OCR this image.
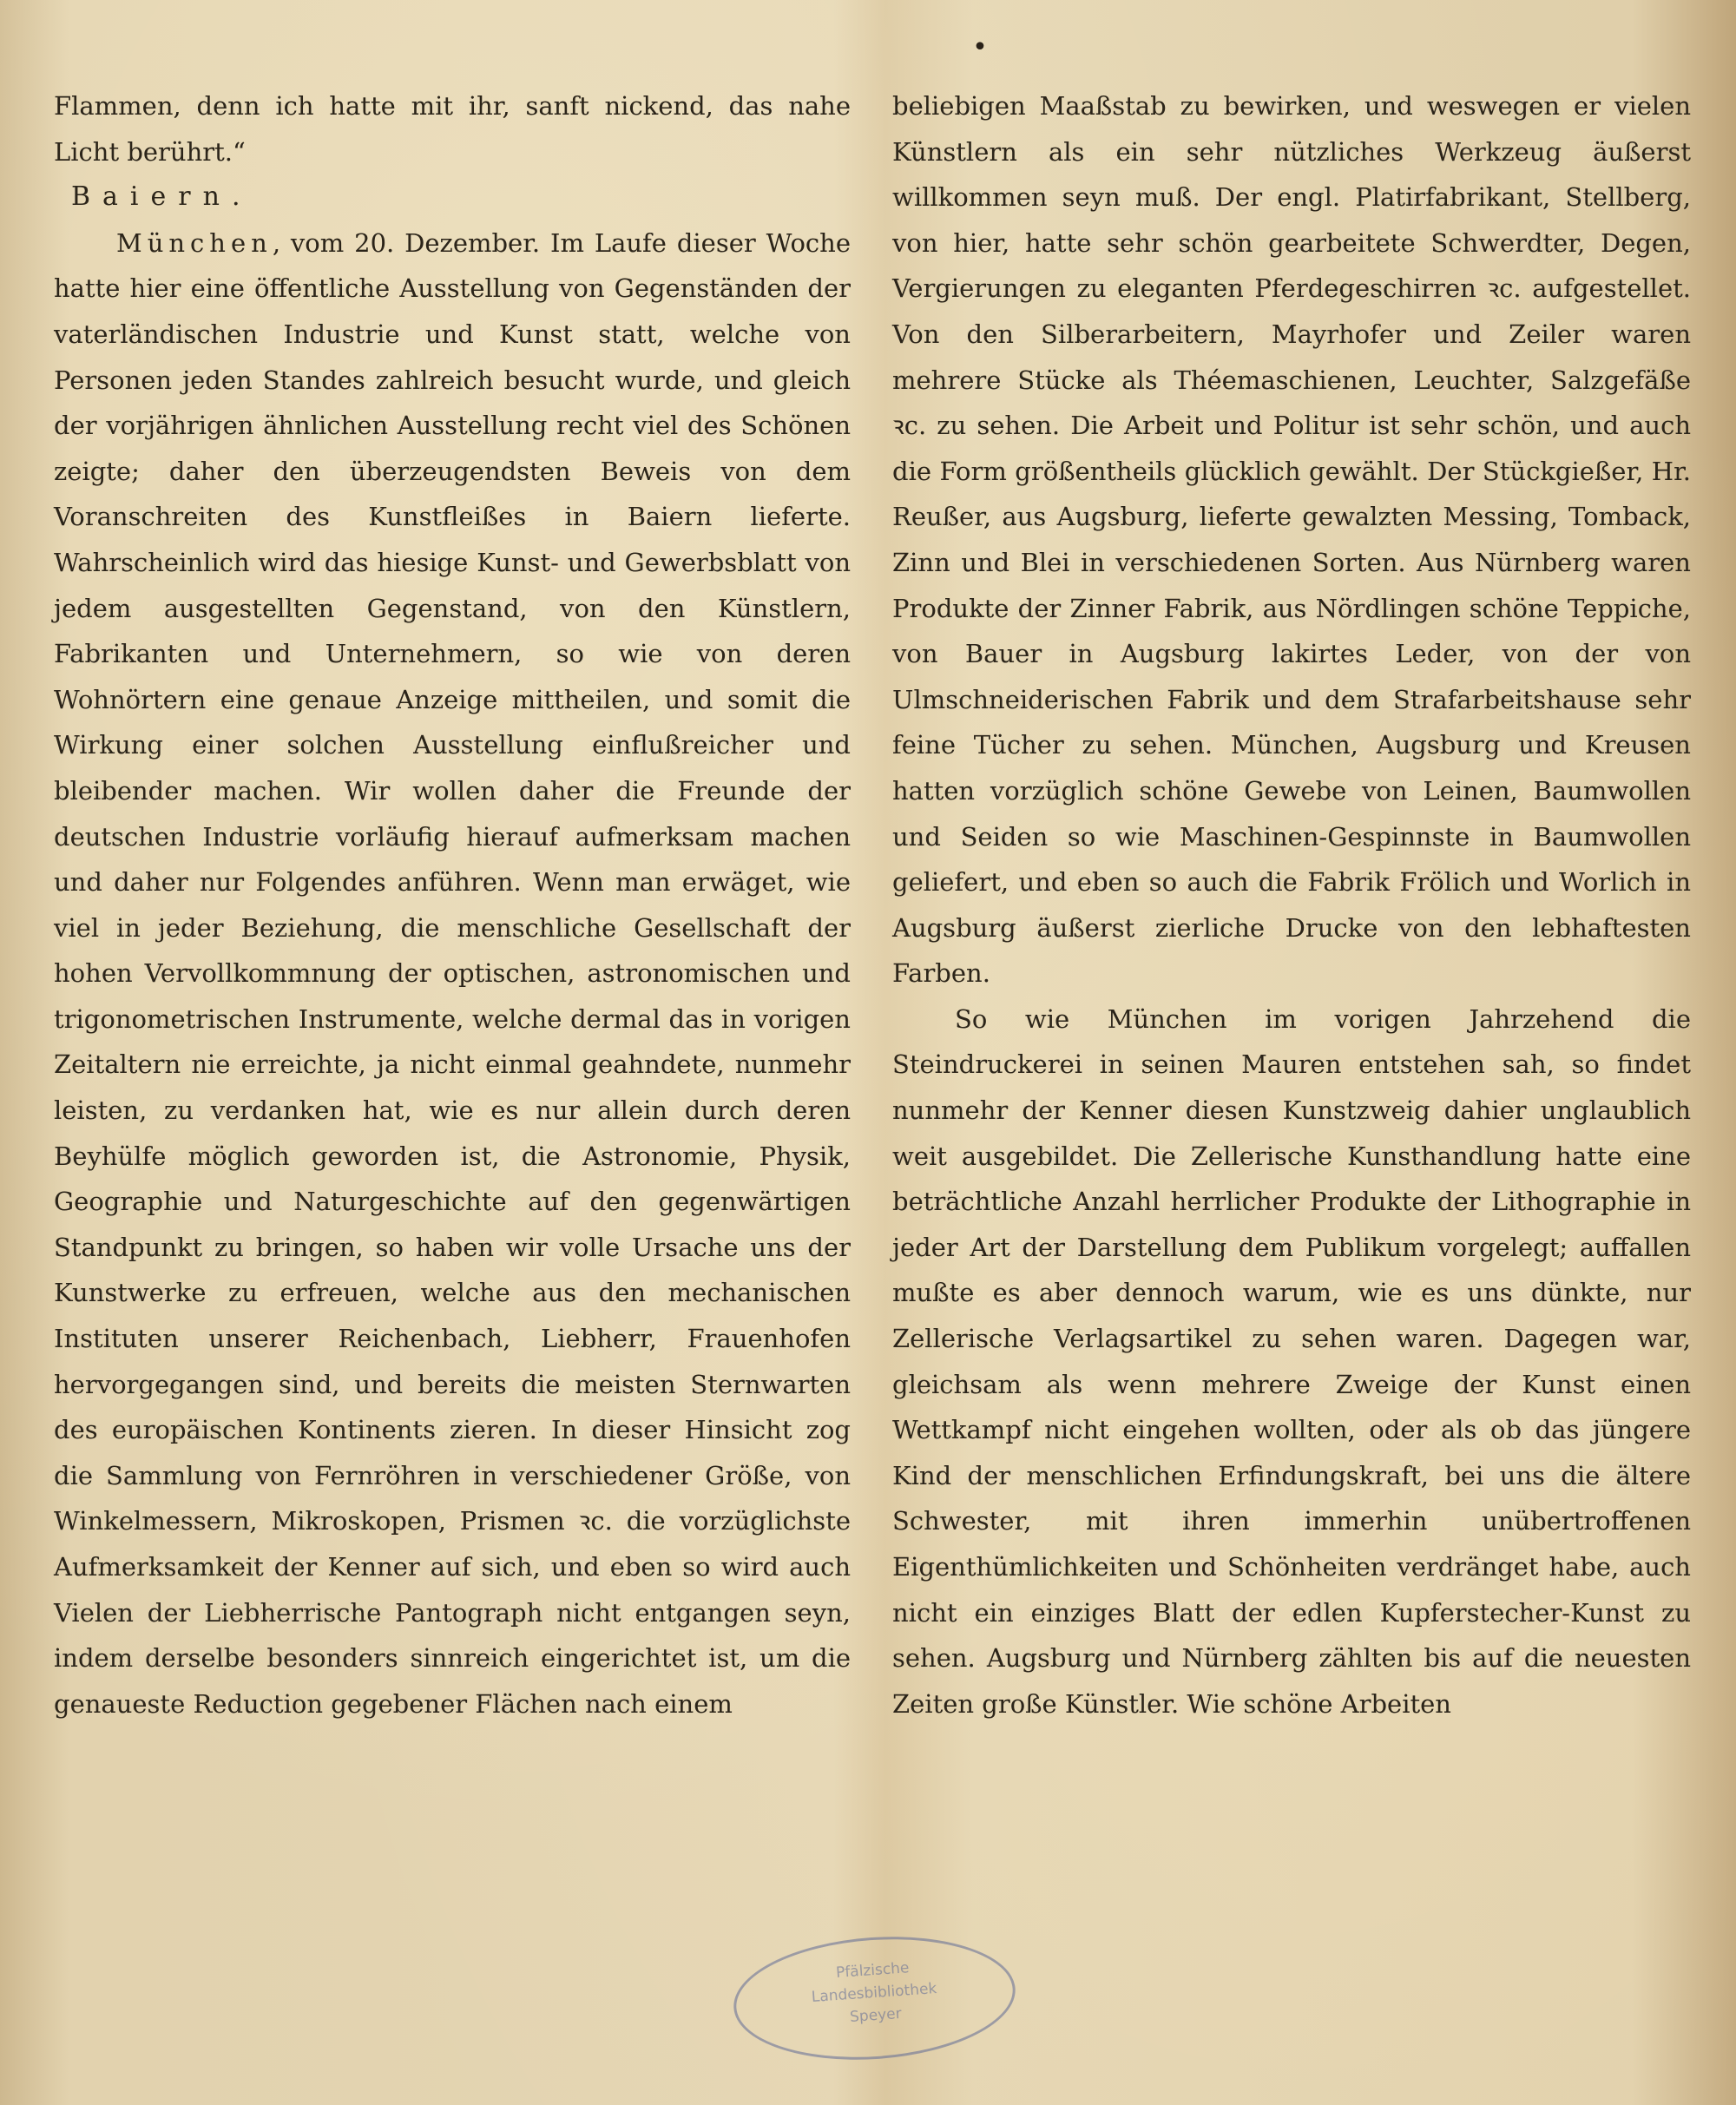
•

Flammen, denn ich hatte mit ihr, sanft nickend, das nahe Licht berührt.“

Baiern.

München, vom 20. Dezember. Im Laufe dieser Woche hatte hier eine öffentliche Ausstellung von Gegenständen der vaterländischen Industrie und Kunst statt, welche von Personen jeden Standes zahlreich besucht wurde, und gleich der vorjährigen ähnlichen Ausstellung recht viel des Schönen zeigte; daher den überzeugendsten Beweis von dem Voranschreiten des Kunstfleißes in Baiern lieferte. Wahrscheinlich wird das hiesige Kunst- und Gewerbsblatt von jedem ausgestellten Gegenstand, von den Künstlern, Fabrikanten und Unternehmern, so wie von deren Wohnörtern eine genaue Anzeige mittheilen, und somit die Wirkung einer solchen Ausstellung einflußreicher und bleibender machen. Wir wollen daher die Freunde der deutschen Industrie vorläufig hierauf aufmerksam machen und daher nur Folgendes anführen. Wenn man erwäget, wie viel in jeder Beziehung, die menschliche Gesellschaft der hohen Vervollkommnung der optischen, astronomischen und trigonometrischen Instrumente, welche dermal das in vorigen Zeitaltern nie erreichte, ja nicht einmal geahndete, nunmehr leisten, zu verdanken hat, wie es nur allein durch deren Beyhülfe möglich geworden ist, die Astronomie, Physik, Geographie und Naturgeschichte auf den gegenwärtigen Standpunkt zu bringen, so haben wir volle Ursache uns der Kunstwerke zu erfreuen, welche aus den mechanischen Instituten unserer Reichenbach, Liebherr, Frauenhofen hervorgegangen sind, und bereits die meisten Sternwarten des europäischen Kontinents zieren. In dieser Hinsicht zog die Sammlung von Fernröhren in verschiedener Größe, von Winkelmessern, Mikroskopen, Prismen ꝛc. die vorzüglichste Aufmerksamkeit der Kenner auf sich, und eben so wird auch Vielen der Liebherrische Pantograph nicht entgangen seyn, indem derselbe besonders sinnreich eingerichtet ist, um die genaueste Reduction gegebener Flächen nach einem

beliebigen Maaßstab zu bewirken, und weswegen er vielen Künstlern als ein sehr nützliches Werkzeug äußerst willkommen seyn muß. Der engl. Platirfabrikant, Stellberg, von hier, hatte sehr schön gearbeitete Schwerdter, Degen, Vergierungen zu eleganten Pferdegeschirren ꝛc. aufgestellet. Von den Silberarbeitern, Mayrhofer und Zeiler waren mehrere Stücke als Théemaschienen, Leuchter, Salzgefäße ꝛc. zu sehen. Die Arbeit und Politur ist sehr schön, und auch die Form größentheils glücklich gewählt. Der Stückgießer, Hr. Reußer, aus Augsburg, lieferte gewalzten Messing, Tomback, Zinn und Blei in verschiedenen Sorten. Aus Nürnberg waren Produkte der Zinner Fabrik, aus Nördlingen schöne Teppiche, von Bauer in Augsburg lakirtes Leder, von der von Ulmschneiderischen Fabrik und dem Strafarbeitshause sehr feine Tücher zu sehen. München, Augsburg und Kreusen hatten vorzüglich schöne Gewebe von Leinen, Baumwollen und Seiden so wie Maschinen-Gespinnste in Baumwollen geliefert, und eben so auch die Fabrik Frölich und Worlich in Augsburg äußerst zierliche Drucke von den lebhaftesten Farben.

So wie München im vorigen Jahrzehend die Steindruckerei in seinen Mauren entstehen sah, so findet nunmehr der Kenner diesen Kunstzweig dahier unglaublich weit ausgebildet. Die Zellerische Kunsthandlung hatte eine beträchtliche Anzahl herrlicher Produkte der Lithographie in jeder Art der Darstellung dem Publikum vorgelegt; auffallen mußte es aber dennoch warum, wie es uns dünkte, nur Zellerische Verlagsartikel zu sehen waren. Dagegen war, gleichsam als wenn mehrere Zweige der Kunst einen Wettkampf nicht eingehen wollten, oder als ob das jüngere Kind der menschlichen Erfindungskraft, bei uns die ältere Schwester, mit ihren immerhin unübertroffenen Eigenthümlichkeiten und Schönheiten verdränget habe, auch nicht ein einziges Blatt der edlen Kupferstecher-Kunst zu sehen. Augsburg und Nürnberg zählten bis auf die neuesten Zeiten große Künstler. Wie schöne Arbeiten

Pfälzische
Landesbibliothek
Speyer
